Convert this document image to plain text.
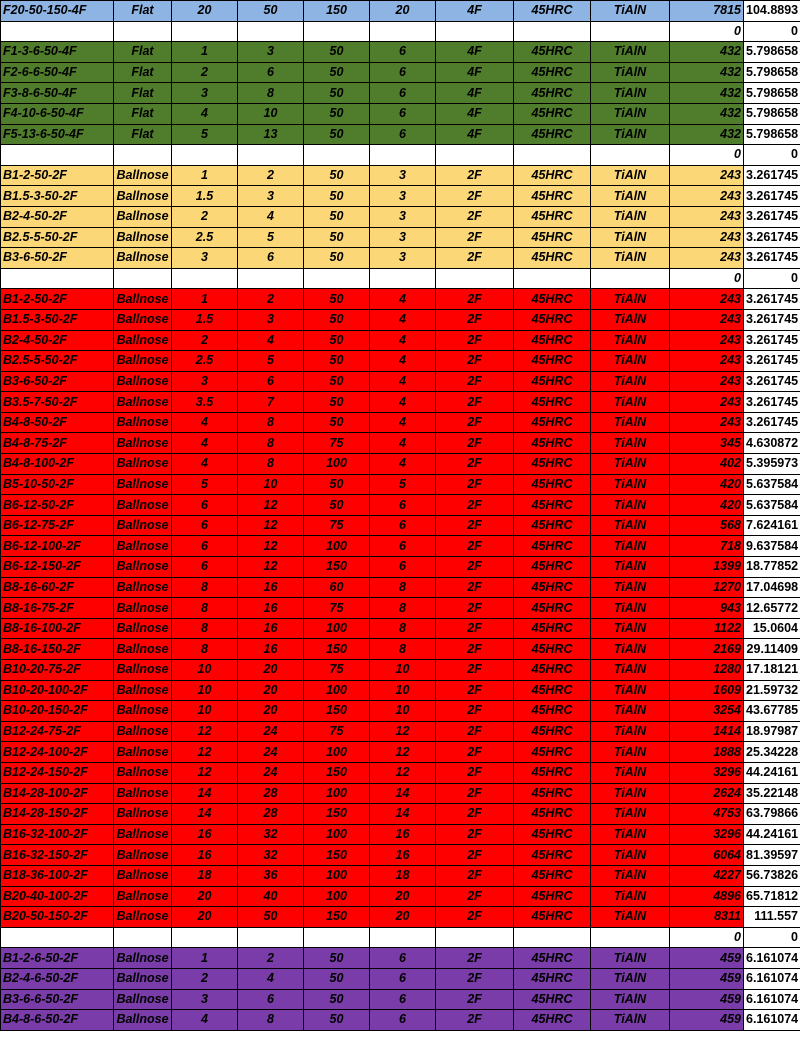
F20-50-150-4F	Flat	20	50	150	20	4F	45HRC	TiAlN	7815	104.8893
									0	0
F1-3-6-50-4F	Flat	1	3	50	6	4F	45HRC	TiAlN	432	5.798658
F2-6-6-50-4F	Flat	2	6	50	6	4F	45HRC	TiAlN	432	5.798658
F3-8-6-50-4F	Flat	3	8	50	6	4F	45HRC	TiAlN	432	5.798658
F4-10-6-50-4F	Flat	4	10	50	6	4F	45HRC	TiAlN	432	5.798658
F5-13-6-50-4F	Flat	5	13	50	6	4F	45HRC	TiAlN	432	5.798658
									0	0
B1-2-50-2F	Ballnose	1	2	50	3	2F	45HRC	TiAlN	243	3.261745
B1.5-3-50-2F	Ballnose	1.5	3	50	3	2F	45HRC	TiAlN	243	3.261745
B2-4-50-2F	Ballnose	2	4	50	3	2F	45HRC	TiAlN	243	3.261745
B2.5-5-50-2F	Ballnose	2.5	5	50	3	2F	45HRC	TiAlN	243	3.261745
B3-6-50-2F	Ballnose	3	6	50	3	2F	45HRC	TiAlN	243	3.261745
									0	0
B1-2-50-2F	Ballnose	1	2	50	4	2F	45HRC	TiAlN	243	3.261745
B1.5-3-50-2F	Ballnose	1.5	3	50	4	2F	45HRC	TiAlN	243	3.261745
B2-4-50-2F	Ballnose	2	4	50	4	2F	45HRC	TiAlN	243	3.261745
B2.5-5-50-2F	Ballnose	2.5	5	50	4	2F	45HRC	TiAlN	243	3.261745
B3-6-50-2F	Ballnose	3	6	50	4	2F	45HRC	TiAlN	243	3.261745
B3.5-7-50-2F	Ballnose	3.5	7	50	4	2F	45HRC	TiAlN	243	3.261745
B4-8-50-2F	Ballnose	4	8	50	4	2F	45HRC	TiAlN	243	3.261745
B4-8-75-2F	Ballnose	4	8	75	4	2F	45HRC	TiAlN	345	4.630872
B4-8-100-2F	Ballnose	4	8	100	4	2F	45HRC	TiAlN	402	5.395973
B5-10-50-2F	Ballnose	5	10	50	5	2F	45HRC	TiAlN	420	5.637584
B6-12-50-2F	Ballnose	6	12	50	6	2F	45HRC	TiAlN	420	5.637584
B6-12-75-2F	Ballnose	6	12	75	6	2F	45HRC	TiAlN	568	7.624161
B6-12-100-2F	Ballnose	6	12	100	6	2F	45HRC	TiAlN	718	9.637584
B6-12-150-2F	Ballnose	6	12	150	6	2F	45HRC	TiAlN	1399	18.77852
B8-16-60-2F	Ballnose	8	16	60	8	2F	45HRC	TiAlN	1270	17.04698
B8-16-75-2F	Ballnose	8	16	75	8	2F	45HRC	TiAlN	943	12.65772
B8-16-100-2F	Ballnose	8	16	100	8	2F	45HRC	TiAlN	1122	15.0604
B8-16-150-2F	Ballnose	8	16	150	8	2F	45HRC	TiAlN	2169	29.11409
B10-20-75-2F	Ballnose	10	20	75	10	2F	45HRC	TiAlN	1280	17.18121
B10-20-100-2F	Ballnose	10	20	100	10	2F	45HRC	TiAlN	1609	21.59732
B10-20-150-2F	Ballnose	10	20	150	10	2F	45HRC	TiAlN	3254	43.67785
B12-24-75-2F	Ballnose	12	24	75	12	2F	45HRC	TiAlN	1414	18.97987
B12-24-100-2F	Ballnose	12	24	100	12	2F	45HRC	TiAlN	1888	25.34228
B12-24-150-2F	Ballnose	12	24	150	12	2F	45HRC	TiAlN	3296	44.24161
B14-28-100-2F	Ballnose	14	28	100	14	2F	45HRC	TiAlN	2624	35.22148
B14-28-150-2F	Ballnose	14	28	150	14	2F	45HRC	TiAlN	4753	63.79866
B16-32-100-2F	Ballnose	16	32	100	16	2F	45HRC	TiAlN	3296	44.24161
B16-32-150-2F	Ballnose	16	32	150	16	2F	45HRC	TiAlN	6064	81.39597
B18-36-100-2F	Ballnose	18	36	100	18	2F	45HRC	TiAlN	4227	56.73826
B20-40-100-2F	Ballnose	20	40	100	20	2F	45HRC	TiAlN	4896	65.71812
B20-50-150-2F	Ballnose	20	50	150	20	2F	45HRC	TiAlN	8311	111.557
									0	0
B1-2-6-50-2F	Ballnose	1	2	50	6	2F	45HRC	TiAlN	459	6.161074
B2-4-6-50-2F	Ballnose	2	4	50	6	2F	45HRC	TiAlN	459	6.161074
B3-6-6-50-2F	Ballnose	3	6	50	6	2F	45HRC	TiAlN	459	6.161074
B4-8-6-50-2F	Ballnose	4	8	50	6	2F	45HRC	TiAlN	459	6.161074
